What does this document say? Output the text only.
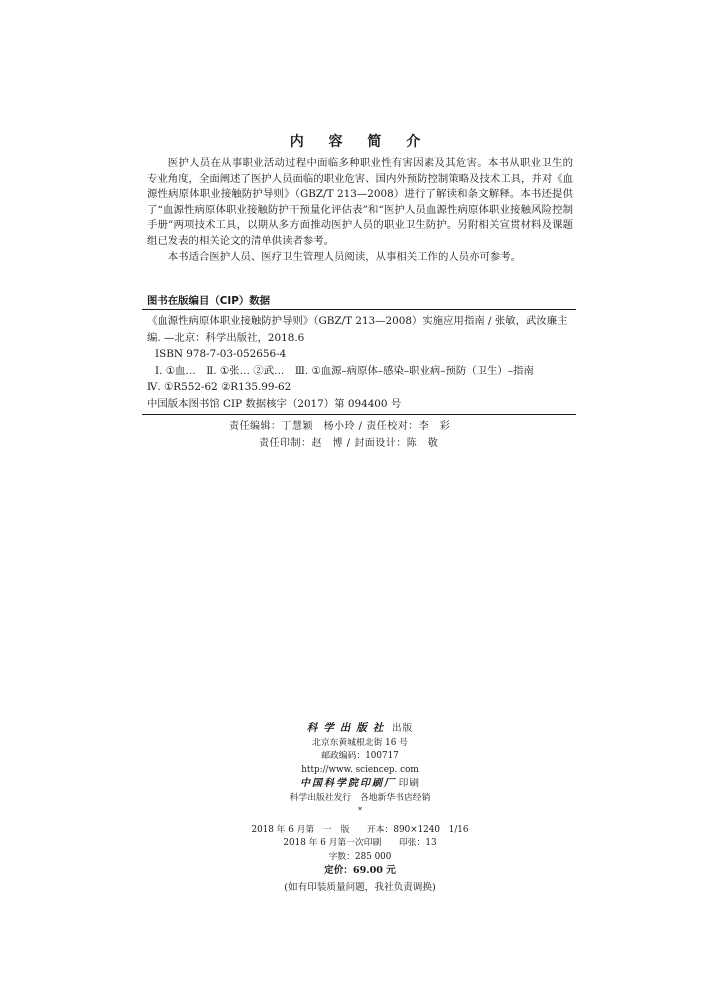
内 容 简 介

医护人员在从事职业活动过程中面临多种职业性有害因素及其危害。本书从职业卫生的专业角度，全面阐述了医护人员面临的职业危害、国内外预防控制策略及技术工具，并对《血源性病原体职业接触防护导则》（GBZ/T 213—2008）进行了解读和条文解释。本书还提供了“血源性病原体职业接触防护干预量化评估表”和“医护人员血源性病原体职业接触风险控制手册”两项技术工具，以期从多方面推动医护人员的职业卫生防护。另附相关宣贯材料及课题组已发表的相关论文的清单供读者参考。

本书适合医护人员、医疗卫生管理人员阅读，从事相关工作的人员亦可参考。

图书在版编目（CIP）数据
《血源性病原体职业接触防护导则》（GBZ/T 213—2008）实施应用指南 / 张敏，武汝廉主编. —北京：科学出版社，2018.6
ISBN 978-7-03-052656-4
Ⅰ. ①血…　Ⅱ. ①张… ②武…　Ⅲ. ①血源–病原体–感染–职业病–预防（卫生）–指南
Ⅳ. ①R552-62 ②R135.99-62
中国版本图书馆 CIP 数据核字（2017）第 094400 号
责任编辑：丁慧颖　杨小玲 / 责任校对：李　彩
责任印制：赵　博 / 封面设计：陈　敬
科学出版社 出版
北京东黄城根北街 16 号
邮政编码：100717
http://www. sciencep. com
中国科学院印刷厂 印刷
科学出版社发行　各地新华书店经销
*
2018 年 6 月第　一　版　　开本：890×1240　1/16
2018 年 6 月第一次印刷　　印张：13
字数：285 000
定价：69.00 元
(如有印装质量问题，我社负责调换)
